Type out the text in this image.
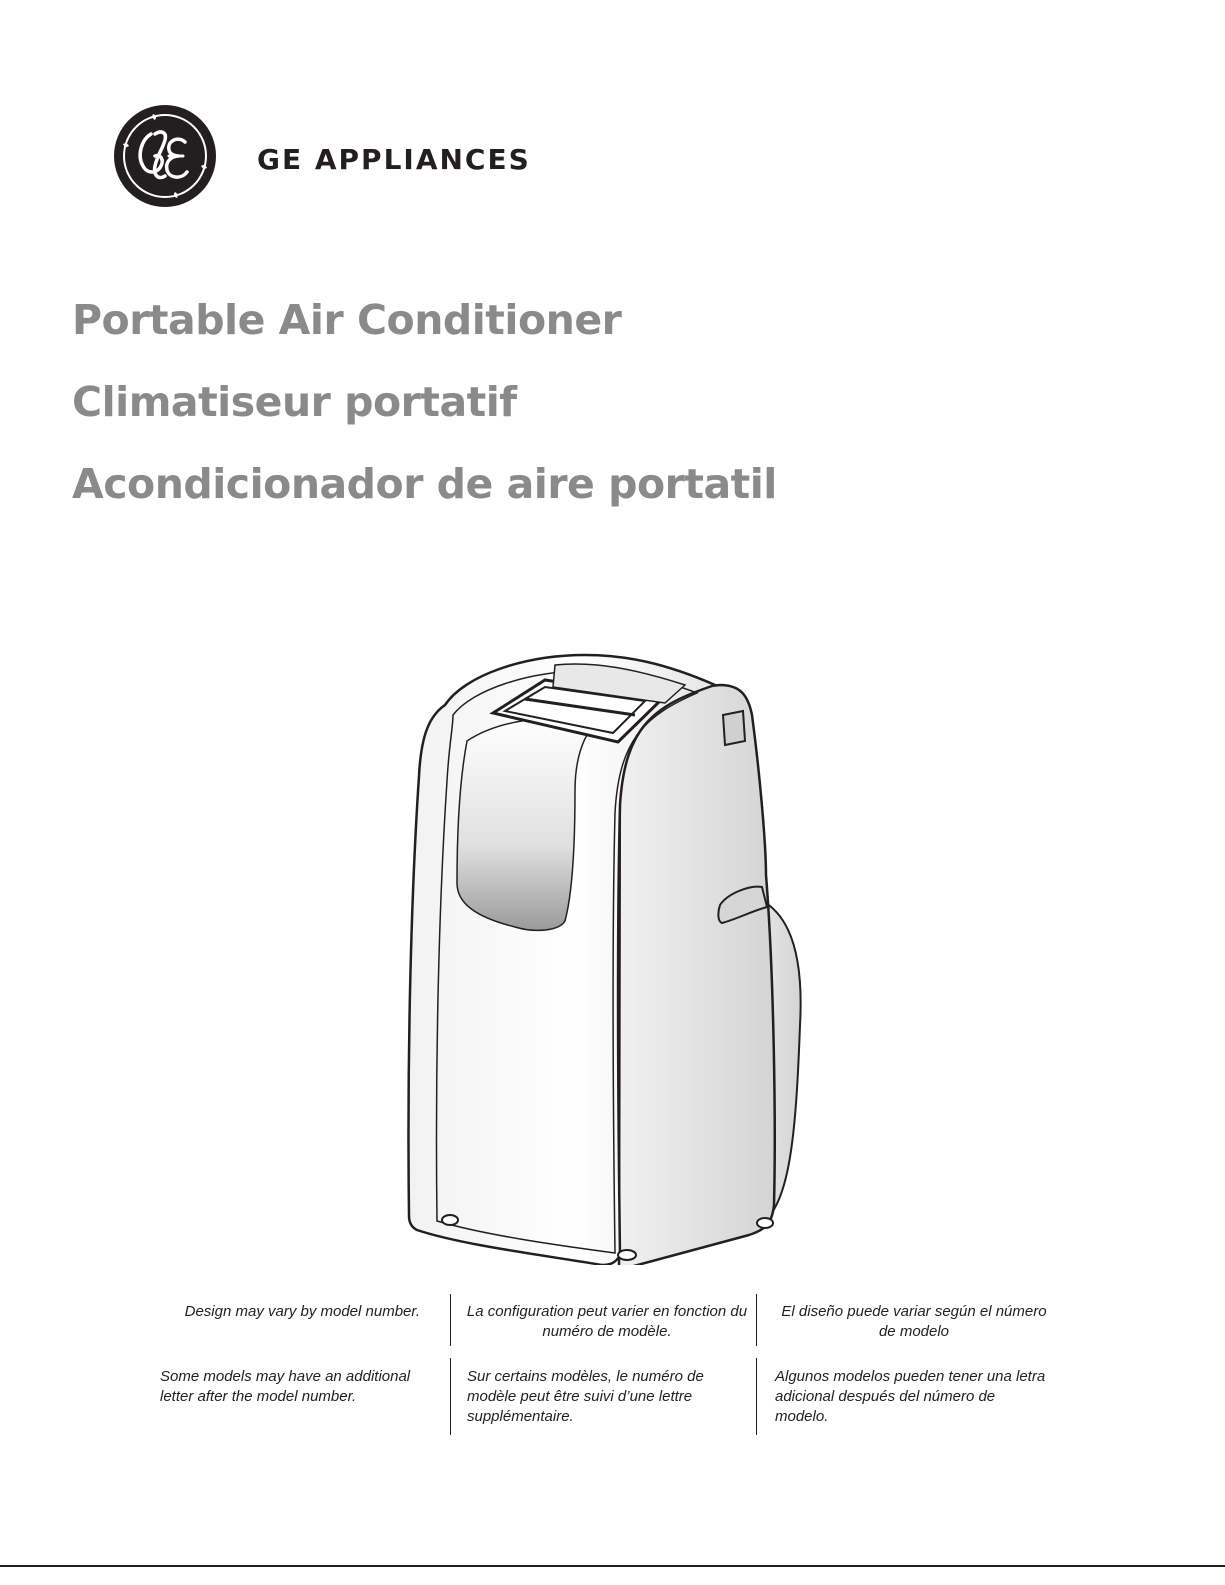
GE APPLIANCES
Portable Air Conditioner
Climatiseur portatif
Acondicionador de aire portatil

Design may vary by model number.	La configuration peut varier en fonction du numéro de modèle.

El diseño puede variar según el número de modelo

Some models may have an additional letter after the model number.

Sur certains modèles, le numéro de modèle peut être suivi d’une lettre supplémentaire.

Algunos modelos pueden tener una letra adicional después del número de modelo.
